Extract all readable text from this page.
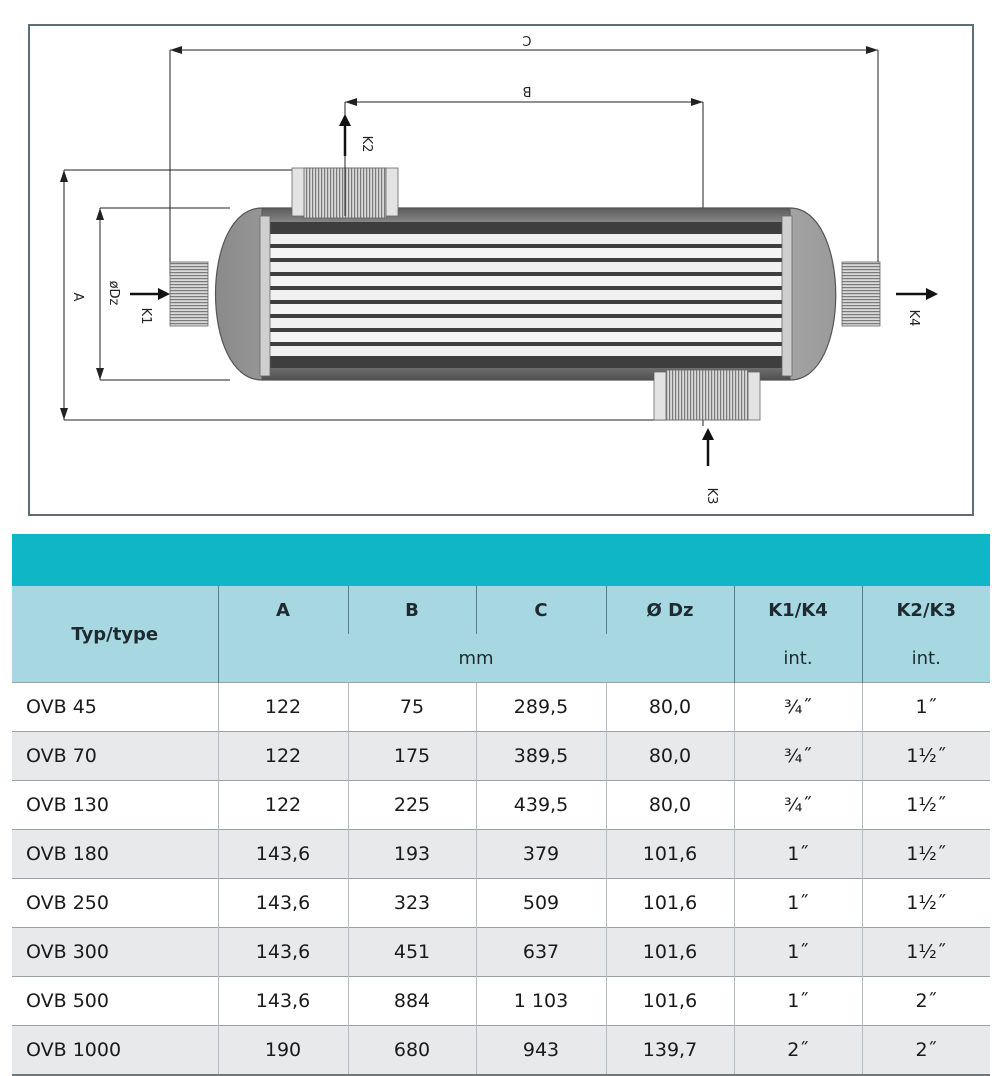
C
B
A øDz
K1
K2
K3
K4
Typ/type	A	B	C	Ø Dz	K1/K4	K2/K3
	mm				int.	int.
OVB 45	122	75	289,5	80,0	¾˝	1˝
OVB 70	122	175	389,5	80,0	¾˝	1½˝
OVB 130	122	225	439,5	80,0	¾˝	1½˝
OVB 180	143,6	193	379	101,6	1˝	1½˝
OVB 250	143,6	323	509	101,6	1˝	1½˝
OVB 300	143,6	451	637	101,6	1˝	1½˝
OVB 500	143,6	884	1 103	101,6	1˝	2˝
OVB 1000	190	680	943	139,7	2˝	2˝
